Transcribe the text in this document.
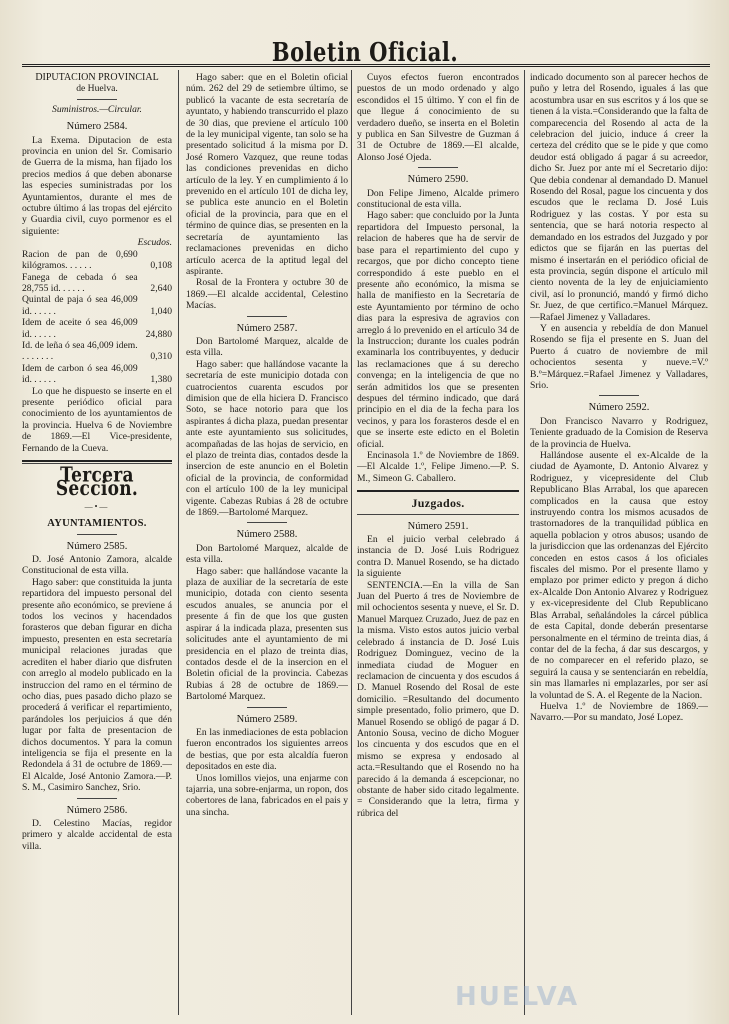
Boletin Oficial.

DIPUTACION PROVINCIAL

de Huelva.

Suministros.—Circular.

Número 2584.

La Exema. Diputacion de esta provincia en union del Sr. Comisario de Guerra de la misma, han fijado los precios medios á que deben abonarse las especies suministradas por los Ayuntamientos, durante el mes de octubre último á las tropas del ejército y Guardia civil, cuyo pormenor es el siguiente:

	Escudos.
Racion de pan de 0,690 kilógramos. . . . . .	0,108
Fanega de cebada ó sea 28,755 id. . . . . .	2,640
Quintal de paja ó sea 46,009 id. . . . . .	1,040
Idem de aceite ó sea 46,009 id. . . . . .	24,880
Id. de leña ó sea 46,009 idem. . . . . . . .	0,310
Idem de carbon ó sea 46,009 id. . . . . .	1,380

Lo que he dispuesto se inserte en el presente periódico oficial para conocimiento de los ayuntamientos de la provincia. Huelva 6 de Noviembre de 1869.—El Vice-presidente, Fernando de la Cueva.

Tercera Seccion.
—•—
AYUNTAMIENTOS.

Número 2585.

D. José Antonio Zamora, alcalde Constitucional de esta villa.

Hago saber: que constituida la junta repartidora del impuesto personal del presente año económico, se previene á todos los vecinos y hacendados forasteros que deban figurar en dicha impuesto, presenten en esta secretaría municipal relaciones juradas que acrediten el haber diario que disfruten con arreglo al modelo publicado en la instruccion del ramo en el término de ocho dias, pues pasado dicho plazo se procederá á verificar el repartimiento, parándoles los perjuicios á que dén lugar por falta de presentacion de dichos documentos. Y para la comun inteligencia se fija el presente en la Redondela á 31 de octubre de 1869.—El Alcalde, José Antonio Zamora.—P. S. M., Casimiro Sanchez, Srio.

Número 2586.

D. Celestino Macías, regidor primero y alcalde accidental de esta villa.

Hago saber: que en el Boletin oficial núm. 262 del 29 de setiembre último, se publicó la vacante de esta secretaría de ayuntato, y habiendo transcurrido el plazo de 30 dias, que previene el artículo 100 de la ley municipal vigente, tan solo se ha presentado solicitud á la misma por D. José Romero Vazquez, que reune todas las condiciones prevenidas en dicho artículo de la ley. Y en cumplimiento á lo prevenido en el artículo 101 de dicha ley, se publica este anuncio en el Boletin oficial de la provincia, para que en el término de quince dias, se presenten en la secretaría de ayuntamiento las reclamaciones prevenidas en dicho artículo acerca de la aptitud legal del aspirante.

Rosal de la Frontera y octubre 30 de 1869.—El alcalde accidental, Celestino Macías.

Número 2587.

Don Bartolomé Marquez, alcalde de esta villa.

Hago saber: que hallándose vacante la secretaría de este municipio dotada con cuatrocientos cuarenta escudos por dimision que de ella hiciera D. Francisco Soto, se hace notorio para que los aspirantes á dicha plaza, puedan presentar ante este ayuntamiento sus solicitudes, acompañadas de las hojas de servicio, en el plazo de treinta dias, contados desde la insercion de este anuncio en el Boletin oficial de la provincia, de conformidad con el artículo 100 de la ley municipal vigente. Cabezas Rubias á 28 de octubre de 1869.—Bartolomé Marquez.

Número 2588.

Don Bartolomé Marquez, alcalde de esta villa.

Hago saber: que hallándose vacante la plaza de auxiliar de la secretaría de este municipio, dotada con ciento sesenta escudos anuales, se anuncia por el presente á fin de que los que gusten aspirar á la indicada plaza, presenten sus solicitudes ante el ayuntamiento de mi presidencia en el plazo de treinta dias, contados desde el de la insercion en el Boletin oficial de la provincia. Cabezas Rubias á 28 de octubre de 1869.—Bartolomé Marquez.

Número 2589.

En las inmediaciones de esta poblacion fueron encontrados los siguientes arreos de bestias, que por esta alcaldía fueron depositados en este dia.

Unos lomillos viejos, una enjarme con tajarria, una sobre-enjarma, un ropon, dos cobertores de lana, fabricados en el pais y una sincha.

Cuyos efectos fueron encontrados puestos de un modo ordenado y algo escondidos el 15 último. Y con el fin de que llegue á conocimiento de su verdadero dueño, se inserta en el Boletin y publica en San Silvestre de Guzman á 31 de Octubre de 1869.—El alcalde, Alonso José Ojeda.

Número 2590.

Don Felipe Jimeno, Alcalde primero constitucional de esta villa.

Hago saber: que concluido por la Junta repartidora del Impuesto personal, la relacion de haberes que ha de servir de base para el repartimiento del cupo y recargos, que por dicho concepto tiene correspondido á este pueblo en el presente año económico, la misma se halla de manifiesto en la Secretaría de este Ayuntamiento por término de ocho dias para la espresiva de agravios con arreglo á lo prevenido en el artículo 34 de la Instruccion; durante los cuales podrán examinarla los contribuyentes, y deducir las reclamaciones que á su derecho convenga; en la inteligencia de que no serán admitidos los que se presenten despues del término indicado, que dará principio en el dia de la fecha para los vecinos, y para los forasteros desde el en que se inserte este edicto en el Boletin oficial.

Encinasola 1.º de Noviembre de 1869.—El Alcalde 1.º, Felipe Jimeno.—P. S. M., Simeon G. Caballero.

Juzgados.

Número 2591.

En el juicio verbal celebrado á instancia de D. José Luis Rodriguez contra D. Manuel Rosendo, se ha dictado la siguiente

SENTENCIA.—En la villa de San Juan del Puerto á tres de Noviembre de mil ochocientos sesenta y nueve, el Sr. D. Manuel Marquez Cruzado, Juez de paz en la misma. Visto estos autos juicio verbal celebrado á instancia de D. José Luis Rodriguez Dominguez, vecino de la inmediata ciudad de Moguer en reclamacion de cincuenta y dos escudos á D. Manuel Rosendo del Rosal de este domicilio. =Resultando del documento simple presentado, folio primero, que D. Manuel Rosendo se obligó de pagar á D. Antonio Sousa, vecino de dicho Moguer los cincuenta y dos escudos que en el mismo se expresa y endosado al acta.=Resultando que el Rosendo no ha parecido á la demanda á escepcionar, no obstante de haber sido citado legalmente. = Considerando que la letra, firma y rúbrica del

indicado documento son al parecer hechos de puño y letra del Rosendo, iguales á las que acostumbra usar en sus escritos y á los que se tienen á la vista.=Considerando que la falta de comparecencia del Rosendo al acta de la celebracion del juicio, induce á creer la certeza del crédito que se le pide y que como deudor está obligado á pagar á su acreedor, dicho Sr. Juez por ante mí el Secretario dijo: Que debia condenar al demandado D. Manuel Rosendo del Rosal, pague los cincuenta y dos escudos que le reclama D. José Luis Rodriguez y las costas. Y por esta su sentencia, que se hará notoria respecto al demandado en los estrados del Juzgado y por edictos que se fijarán en las puertas del mismo é insertarán en el periódico oficial de esta provincia, según dispone el artículo mil ciento noventa de la ley de enjuiciamiento civil, así lo pronunció, mandó y firmó dicho Sr. Juez, de que certifico.=Manuel Márquez.—Rafael Jimenez y Valladares.

Y en ausencia y rebeldía de don Manuel Rosendo se fija el presente en S. Juan del Puerto á cuatro de noviembre de mil ochocientos sesenta y nueve.=V.º B.º=Márquez.=Rafael Jimenez y Valladares, Srio.

Número 2592.

Don Francisco Navarro y Rodriguez, Teniente graduado de la Comision de Reserva de la provincia de Huelva.

Hallándose ausente el ex-Alcalde de la ciudad de Ayamonte, D. Antonio Alvarez y Rodriguez, y vicepresidente del Club Republicano Blas Arrabal, los que aparecen complicados en la causa que estoy instruyendo contra los mismos acusados de trastornadores de la tranquilidad pública en aquella poblacion y otros abusos; usando de la jurisdiccion que las ordenanzas del Ejército conceden en estos casos á los oficiales fiscales del mismo. Por el presente llamo y emplazo por primer edicto y pregon á dicho ex-Alcalde Don Antonio Alvarez y Rodriguez y ex-vicepresidente del Club Republicano Blas Arrabal, señalándoles la cárcel pública de esta Capital, donde deberán presentarse personalmente en el término de treinta dias, á contar del de la fecha, á dar sus descargos, y de no comparecer en el referido plazo, se seguirá la causa y se sentenciarán en rebeldía, sin mas llamarles ni emplazarles, por ser así la voluntad de S. A. el Regente de la Nacion.

Huelva 1.º de Noviembre de 1869.—Navarro.—Por su mandato, José Lopez.

HUELVA
